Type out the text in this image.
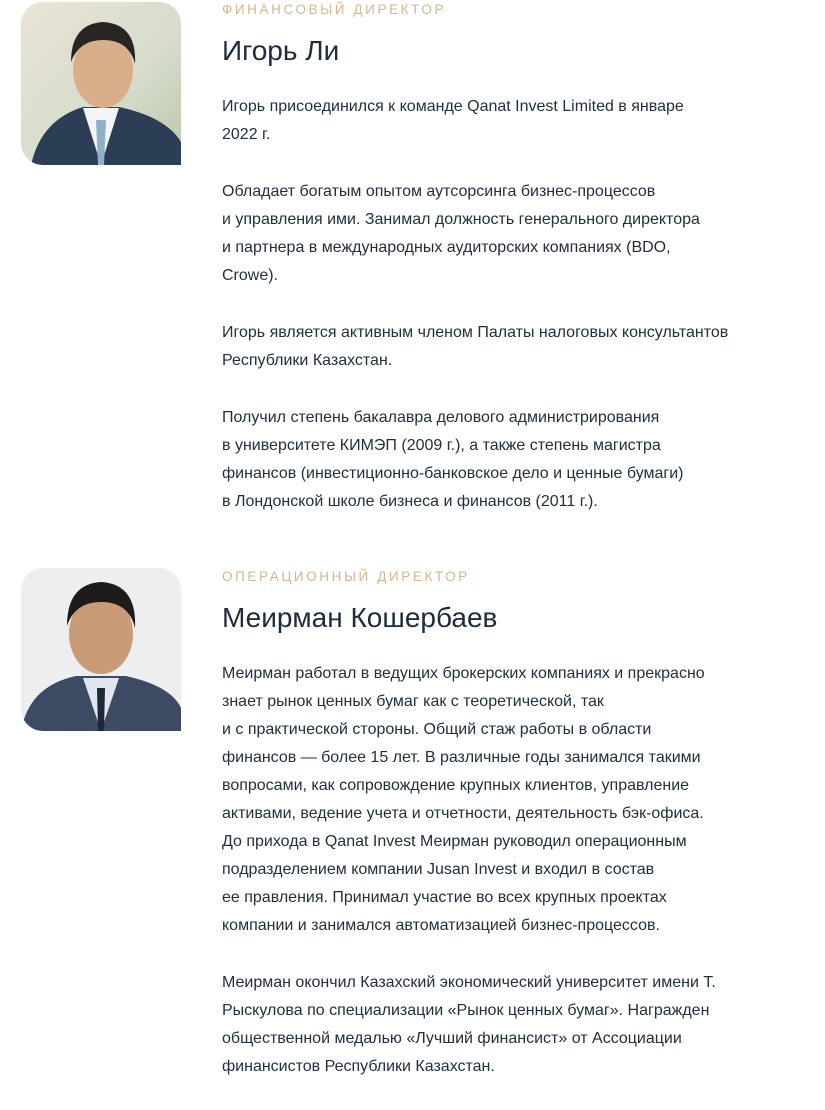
ФИНАНСОВЫЙ ДИРЕКТОР
Игорь Ли
Игорь присоединился к команде Qanat Invest Limited в январе
2022 г.
Обладает богатым опытом аутсорсинга бизнес-процессов
и управления ими. Занимал должность генерального директора
и партнера в международных аудиторских компаниях (BDO,
Crowe).
Игорь является активным членом Палаты налоговых консультантов
Республики Казахстан.
Получил степень бакалавра делового администрирования
в университете КИМЭП (2009 г.), а также степень магистра
финансов (инвестиционно-банковское дело и ценные бумаги)
в Лондонской школе бизнеса и финансов (2011 г.).
ОПЕРАЦИОННЫЙ ДИРЕКТОР
Меирман Кошербаев
Меирман работал в ведущих брокерских компаниях и прекрасно
знает рынок ценных бумаг как с теоретической, так
и с практической стороны. Общий стаж работы в области
финансов — более 15 лет. В различные годы занимался такими
вопросами, как сопровождение крупных клиентов, управление
активами, ведение учета и отчетности, деятельность бэк-офиса.
До прихода в Qanat Invest Меирман руководил операционным
подразделением компании Jusan Invest и входил в состав
ее правления. Принимал участие во всех крупных проектах
компании и занимался автоматизацией бизнес-процессов.
Меирман окончил Казахский экономический университет имени Т.
Рыскулова по специализации «Рынок ценных бумаг». Награжден
общественной медалью «Лучший финансист» от Ассоциации
финансистов Республики Казахстан.
